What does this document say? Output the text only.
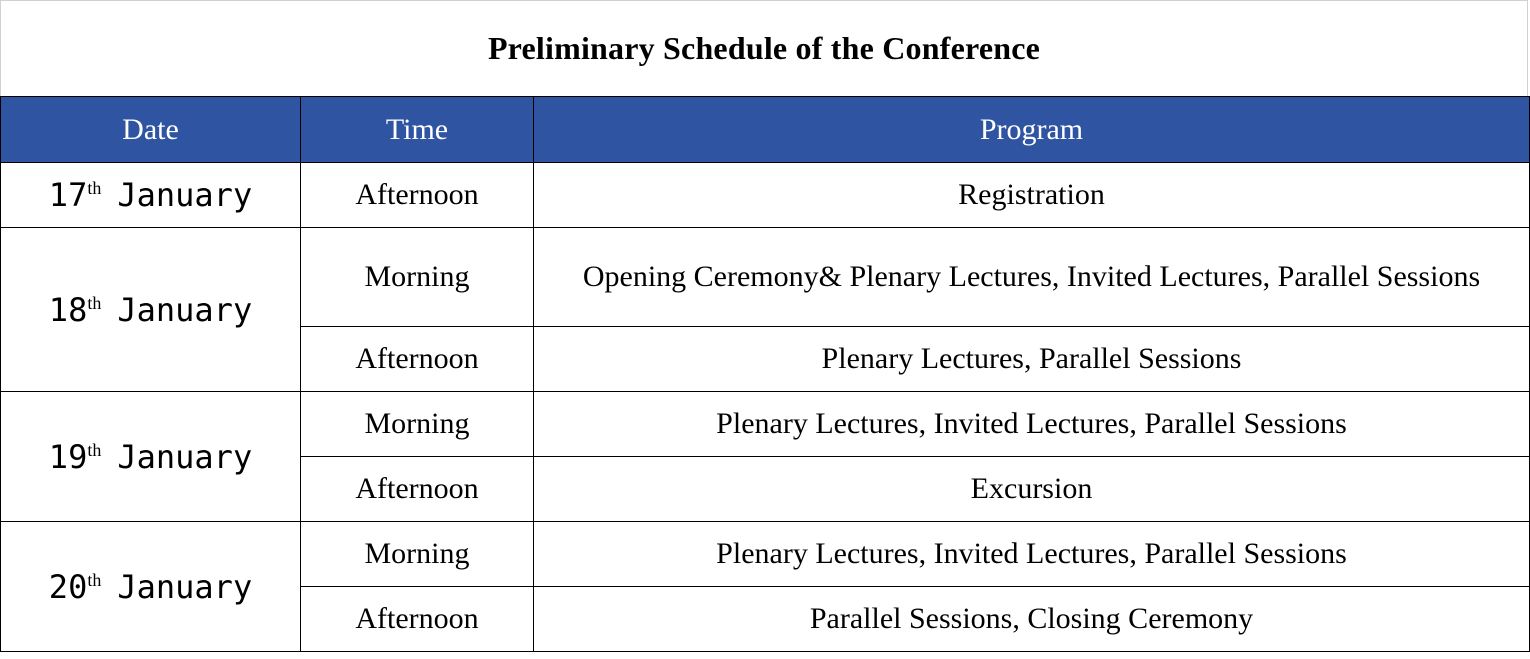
Preliminary Schedule of the Conference
Date	Time	Program
17th January	Afternoon	Registration
18th January	Morning	Opening Ceremony& Plenary Lectures, Invited Lectures, Parallel Sessions
	Afternoon	Plenary Lectures, Parallel Sessions
19th January	Morning	Plenary Lectures, Invited Lectures, Parallel Sessions
	Afternoon	Excursion
20th January	Morning	Plenary Lectures, Invited Lectures, Parallel Sessions
	Afternoon	Parallel Sessions, Closing Ceremony
